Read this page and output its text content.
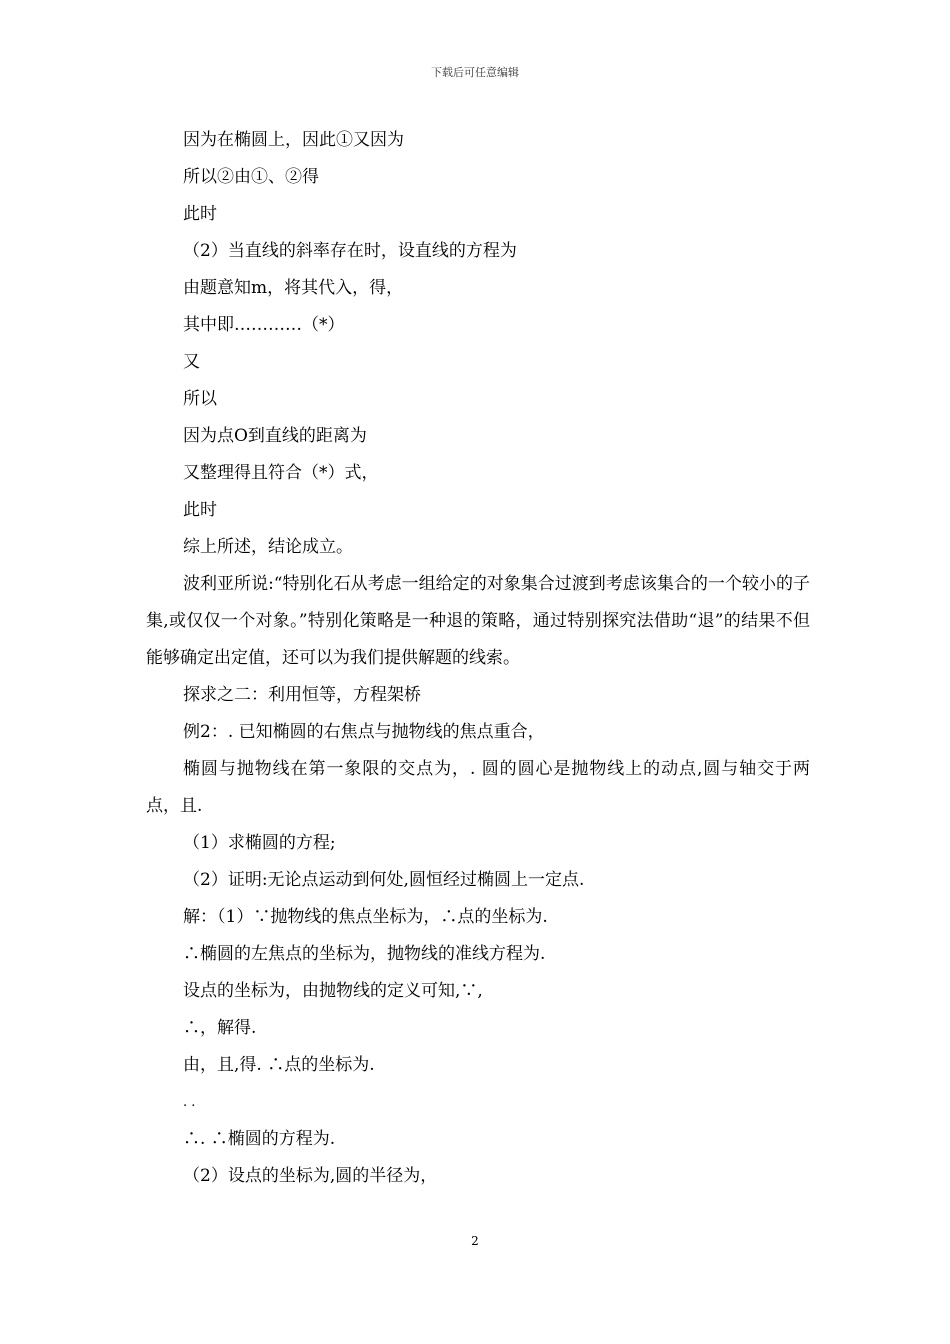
下载后可任意编辑
因为在椭圆上，因此①又因为
所以②由①、②得
此时
（2）当直线的斜率存在时，设直线的方程为
由题意知m，将其代入，得，
其中即…………（*）
又
所以
因为点O到直线的距离为
又整理得且符合（*）式，
此时
综上所述，结论成立。
波利亚所说:“特别化石从考虑一组给定的对象集合过渡到考虑该集合的一个较小的子集,或仅仅一个对象。”特别化策略是一种退的策略，通过特别探究法借助“退”的结果不但能够确定出定值，还可以为我们提供解题的线索。
探求之二：利用恒等，方程架桥
例2：. 已知椭圆的右焦点与抛物线的焦点重合，
椭圆与抛物线在第一象限的交点为，. 圆的圆心是抛物线上的动点,圆与轴交于两点，且.
（1）求椭圆的方程;
（2）证明:无论点运动到何处,圆恒经过椭圆上一定点.
解：（1）∵抛物线的焦点坐标为，∴点的坐标为.
∴椭圆的左焦点的坐标为，抛物线的准线方程为.
设点的坐标为，由抛物线的定义可知,∵,
∴，解得.
由，且,得. ∴点的坐标为.
. .
∴. ∴椭圆的方程为.
（2）设点的坐标为,圆的半径为，
2
